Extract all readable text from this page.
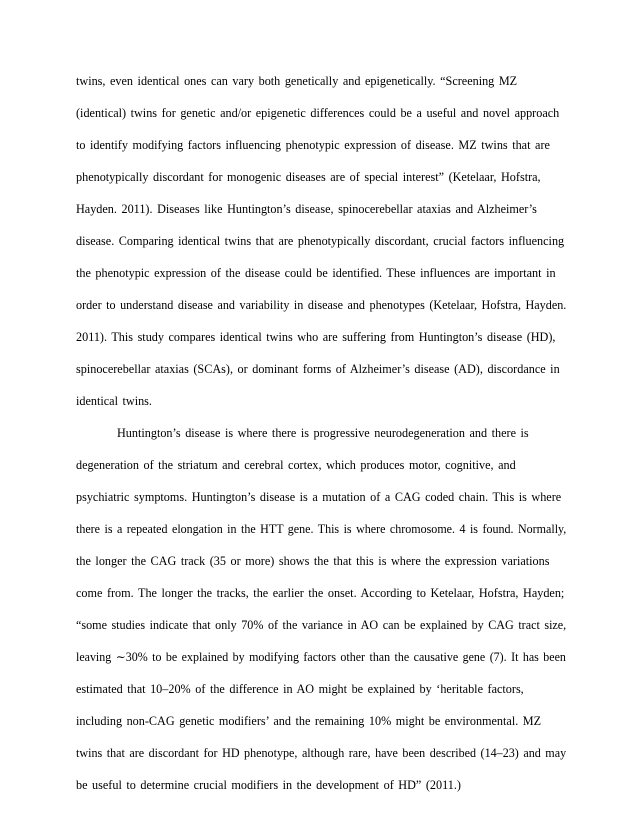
twins, even identical ones can vary both genetically and epigenetically. “Screening MZ
(identical) twins for genetic and/or epigenetic differences could be a useful and novel approach
to identify modifying factors influencing phenotypic expression of disease. MZ twins that are
phenotypically discordant for monogenic diseases are of special interest” (Ketelaar, Hofstra,
Hayden. 2011). Diseases like Huntington’s disease, spinocerebellar ataxias and Alzheimer’s
disease. Comparing identical twins that are phenotypically discordant, crucial factors influencing
the phenotypic expression of the disease could be identified. These influences are important in
order to understand disease and variability in disease and phenotypes (Ketelaar, Hofstra, Hayden.
2011). This study compares identical twins who are suffering from Huntington’s disease (HD),
spinocerebellar ataxias (SCAs), or dominant forms of Alzheimer’s disease (AD), discordance in
identical twins.
Huntington’s disease is where there is progressive neurodegeneration and there is
degeneration of the striatum and cerebral cortex, which produces motor, cognitive, and
psychiatric symptoms. Huntington’s disease is a mutation of a CAG coded chain. This is where
there is a repeated elongation in the HTT gene. This is where chromosome. 4 is found. Normally,
the longer the CAG track (35 or more) shows the that this is where the expression variations
come from. The longer the tracks, the earlier the onset. According to Ketelaar, Hofstra, Hayden;
“some studies indicate that only 70% of the variance in AO can be explained by CAG tract size,
leaving ∼30% to be explained by modifying factors other than the causative gene (7). It has been
estimated that 10–20% of the difference in AO might be explained by ‘heritable factors,
including non-CAG genetic modifiers’ and the remaining 10% might be environmental. MZ
twins that are discordant for HD phenotype, although rare, have been described (14–23) and may
be useful to determine crucial modifiers in the development of HD” (2011.)
